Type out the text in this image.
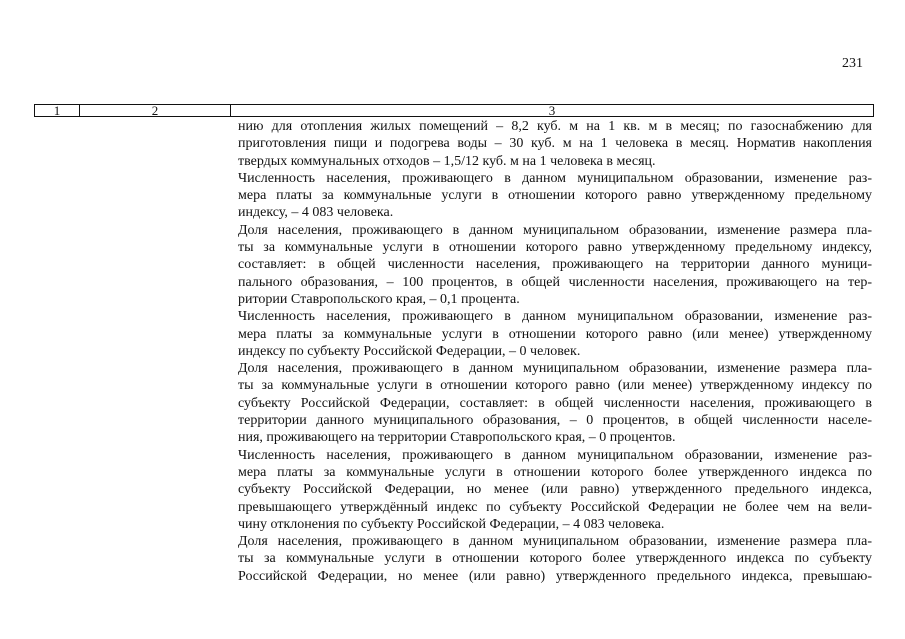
231
1	2	3
нию для отопления жилых помещений – 8,2 куб. м на 1 кв. м в месяц; по газоснабжению для
приготовления пищи и подогрева воды – 30 куб. м на 1 человека в месяц. Норматив накопления
твердых коммунальных отходов – 1,5/12 куб. м на 1 человека в месяц.
Численность населения, проживающего в данном муниципальном образовании, изменение раз-
мера платы за коммунальные услуги в отношении которого равно утвержденному предельному
индексу, – 4 083 человека.
Доля населения, проживающего в данном муниципальном образовании, изменение размера пла-
ты за коммунальные услуги в отношении которого равно утвержденному предельному индексу,
составляет: в общей численности населения, проживающего на территории данного муници-
пального образования, – 100 процентов, в общей численности населения, проживающего на тер-
ритории Ставропольского края, – 0,1 процента.
Численность населения, проживающего в данном муниципальном образовании, изменение раз-
мера платы за коммунальные услуги в отношении которого равно (или менее) утвержденному
индексу по субъекту Российской Федерации, – 0 человек.
Доля населения, проживающего в данном муниципальном образовании, изменение размера пла-
ты за коммунальные услуги в отношении которого равно (или менее) утвержденному индексу по
субъекту Российской Федерации, составляет: в общей численности населения, проживающего в
территории данного муниципального образования, – 0 процентов, в общей численности населе-
ния, проживающего на территории Ставропольского края, – 0 процентов.
Численность населения, проживающего в данном муниципальном образовании, изменение раз-
мера платы за коммунальные услуги в отношении которого более утвержденного индекса по
субъекту Российской Федерации, но менее (или равно) утвержденного предельного индекса,
превышающего утверждённый индекс по субъекту Российской Федерации не более чем на вели-
чину отклонения по субъекту Российской Федерации, – 4 083 человека.
Доля населения, проживающего в данном муниципальном образовании, изменение размера пла-
ты за коммунальные услуги в отношении которого более утвержденного индекса по субъекту
Российской Федерации, но менее (или равно) утвержденного предельного индекса, превышаю-
